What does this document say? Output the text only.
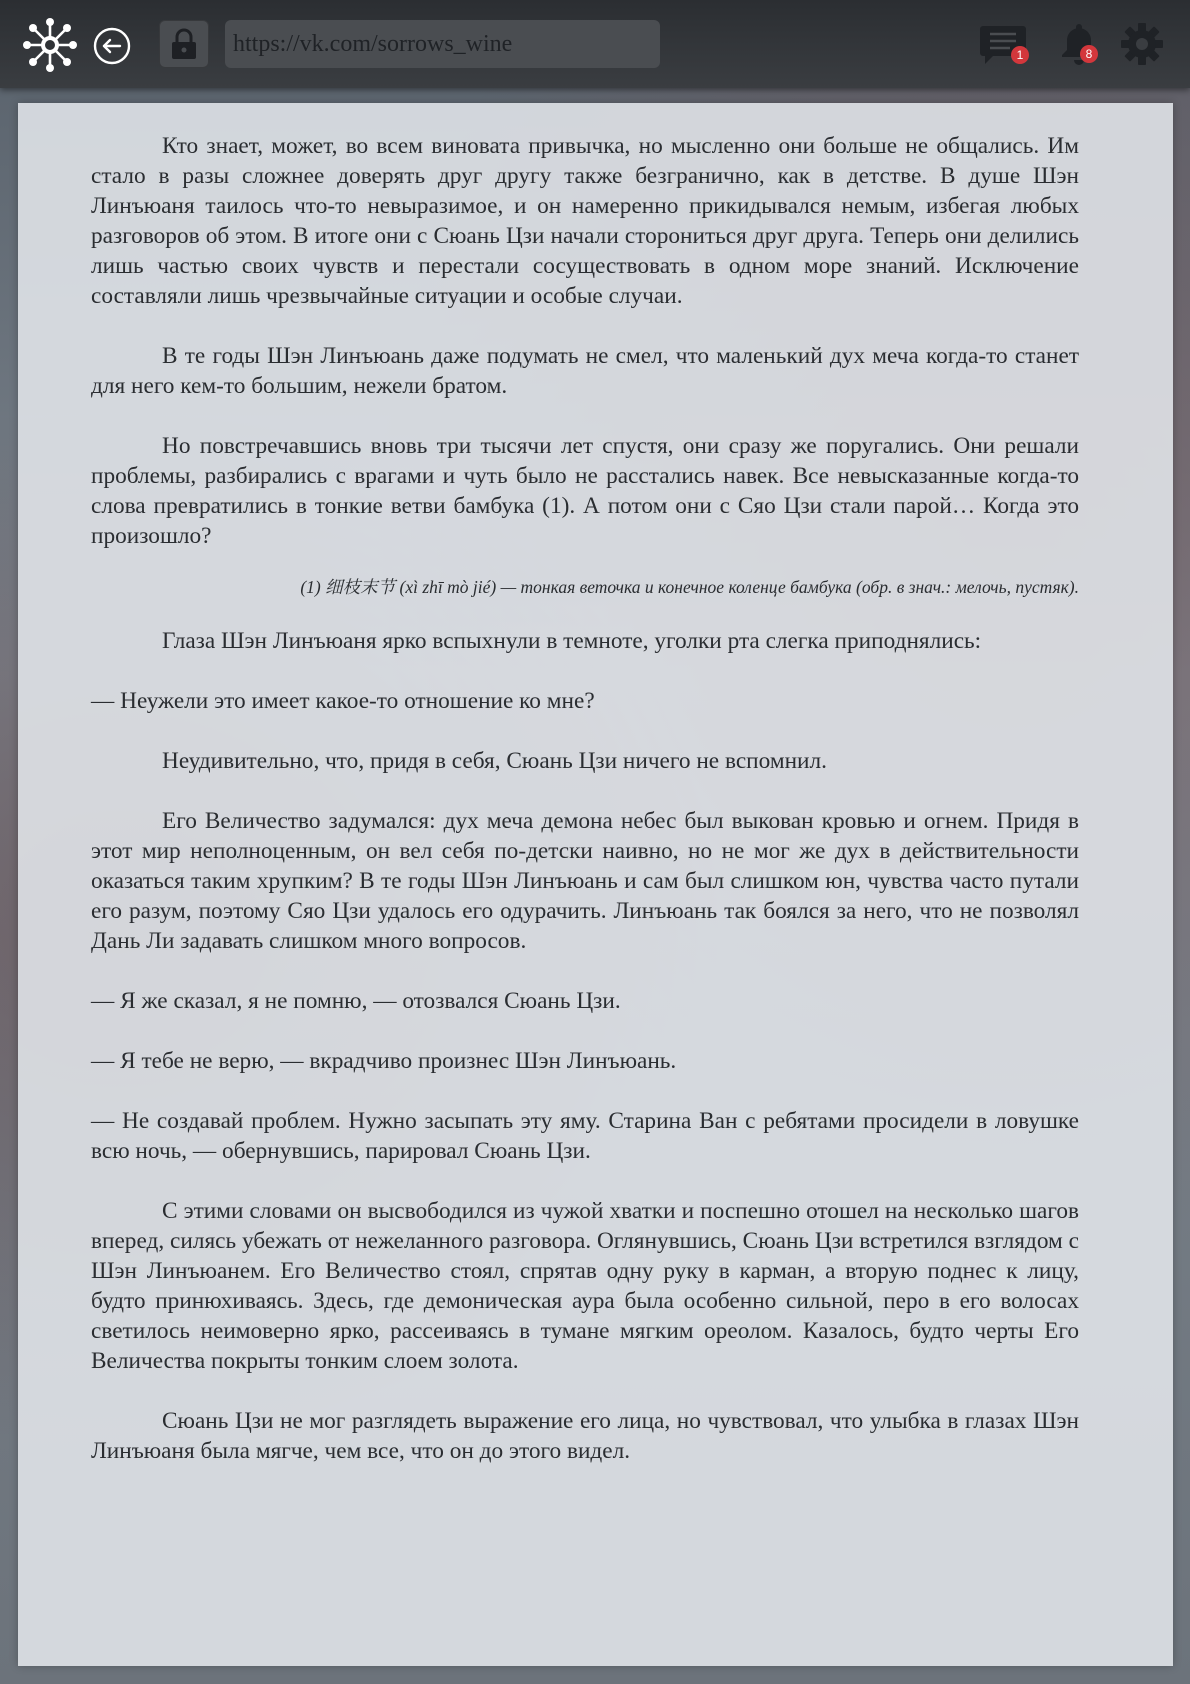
https://vk.com/sorrows_wine	1	8

Кто знает, может, во всем виновата привычка, но мысленно они больше не общались. Им стало в разы сложнее доверять друг другу также безгранично, как в детстве. В душе Шэн Линъюаня таилось что-то невыразимое, и он намеренно прикидывался немым, избегая любых разговоров об этом. В итоге они с Сюань Цзи начали сторониться друг друга. Теперь они делились лишь частью своих чувств и перестали сосуществовать в одном море знаний. Исключение составляли лишь чрезвычайные ситуации и особые случаи.

В те годы Шэн Линъюань даже подумать не смел, что маленький дух меча когда-то станет для него кем-то большим, нежели братом.

Но повстречавшись вновь три тысячи лет спустя, они сразу же поругались. Они решали проблемы, разбирались с врагами и чуть было не расстались навек. Все невысказанные когда-то слова превратились в тонкие ветви бамбука (1). А потом они с Сяо Цзи стали парой… Когда это произошло?

(1) 细枝末节 (xì zhī mò jié) — тонкая веточка и конечное коленце бамбука (обр. в знач.: мелочь, пустяк).

Глаза Шэн Линъюаня ярко вспыхнули в темноте, уголки рта слегка приподнялись:

— Неужели это имеет какое-то отношение ко мне?

Неудивительно, что, придя в себя, Сюань Цзи ничего не вспомнил.

Его Величество задумался: дух меча демона небес был выкован кровью и огнем. Придя в этот мир неполноценным, он вел себя по-детски наивно, но не мог же дух в действительности оказаться таким хрупким? В те годы Шэн Линъюань и сам был слишком юн, чувства часто путали его разум, поэтому Сяо Цзи удалось его одурачить. Линъюань так боялся за него, что не позволял Дань Ли задавать слишком много вопросов.

— Я же сказал, я не помню, — отозвался Сюань Цзи.

— Я тебе не верю, — вкрадчиво произнес Шэн Линъюань.

— Не создавай проблем. Нужно засыпать эту яму. Старина Ван с ребятами просидели в ловушке всю ночь, — обернувшись, парировал Сюань Цзи.

С этими словами он высвободился из чужой хватки и поспешно отошел на несколько шагов вперед, силясь убежать от нежеланного разговора. Оглянувшись, Сюань Цзи встретился взглядом с Шэн Линъюанем. Его Величество стоял, спрятав одну руку в карман, а вторую поднес к лицу, будто принюхиваясь. Здесь, где демоническая аура была особенно сильной, перо в его волосах светилось неимоверно ярко, рассеиваясь в тумане мягким ореолом. Казалось, будто черты Его Величества покрыты тонким слоем золота.

Сюань Цзи не мог разглядеть выражение его лица, но чувствовал, что улыбка в глазах Шэн Линъюаня была мягче, чем все, что он до этого видел.
